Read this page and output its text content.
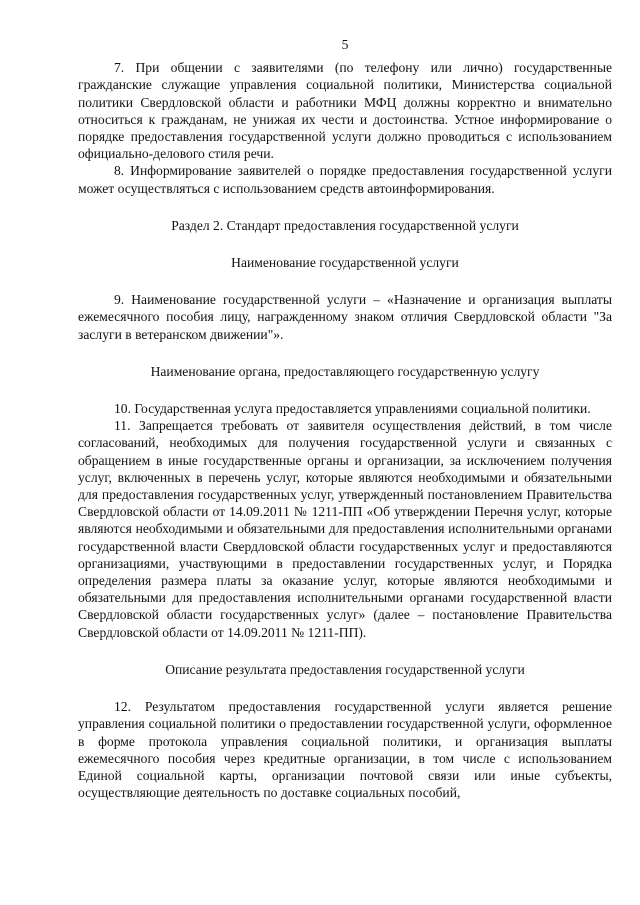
5

7. При общении с заявителями (по телефону или лично) государственные гражданские служащие управления социальной политики, Министерства социальной политики Свердловской области и работники МФЦ должны корректно и внимательно относиться к гражданам, не унижая их чести и достоинства. Устное информирование о порядке предоставления государственной услуги должно проводиться с использованием официально-делового стиля речи.

8. Информирование заявителей о порядке предоставления государственной услуги может осуществляться с использованием средств автоинформирования.

Раздел 2. Стандарт предоставления государственной услуги
Наименование государственной услуги

9. Наименование государственной услуги – «Назначение и организация выплаты ежемесячного пособия лицу, награжденному знаком отличия Свердловской области "За заслуги в ветеранском движении"».

Наименование органа, предоставляющего государственную услугу

10. Государственная услуга предоставляется управлениями социальной политики.

11. Запрещается требовать от заявителя осуществления действий, в том числе согласований, необходимых для получения государственной услуги и связанных с обращением в иные государственные органы и организации, за исключением получения услуг, включенных в перечень услуг, которые являются необходимыми и обязательными для предоставления государственных услуг, утвержденный постановлением Правительства Свердловской области от 14.09.2011 № 1211-ПП «Об утверждении Перечня услуг, которые являются необходимыми и обязательными для предоставления исполнительными органами государственной власти Свердловской области государственных услуг и предоставляются организациями, участвующими в предоставлении государственных услуг, и Порядка определения размера платы за оказание услуг, которые являются необходимыми и обязательными для предоставления исполнительными органами государственной власти Свердловской области государственных услуг» (далее – постановление Правительства Свердловской области от 14.09.2011 № 1211-ПП).

Описание результата предоставления государственной услуги

12. Результатом предоставления государственной услуги является решение управления социальной политики о предоставлении государственной услуги, оформленное в форме протокола управления социальной политики, и организация выплаты ежемесячного пособия через кредитные организации, в том числе с использованием Единой социальной карты, организации почтовой связи или иные субъекты, осуществляющие деятельность по доставке социальных пособий,
